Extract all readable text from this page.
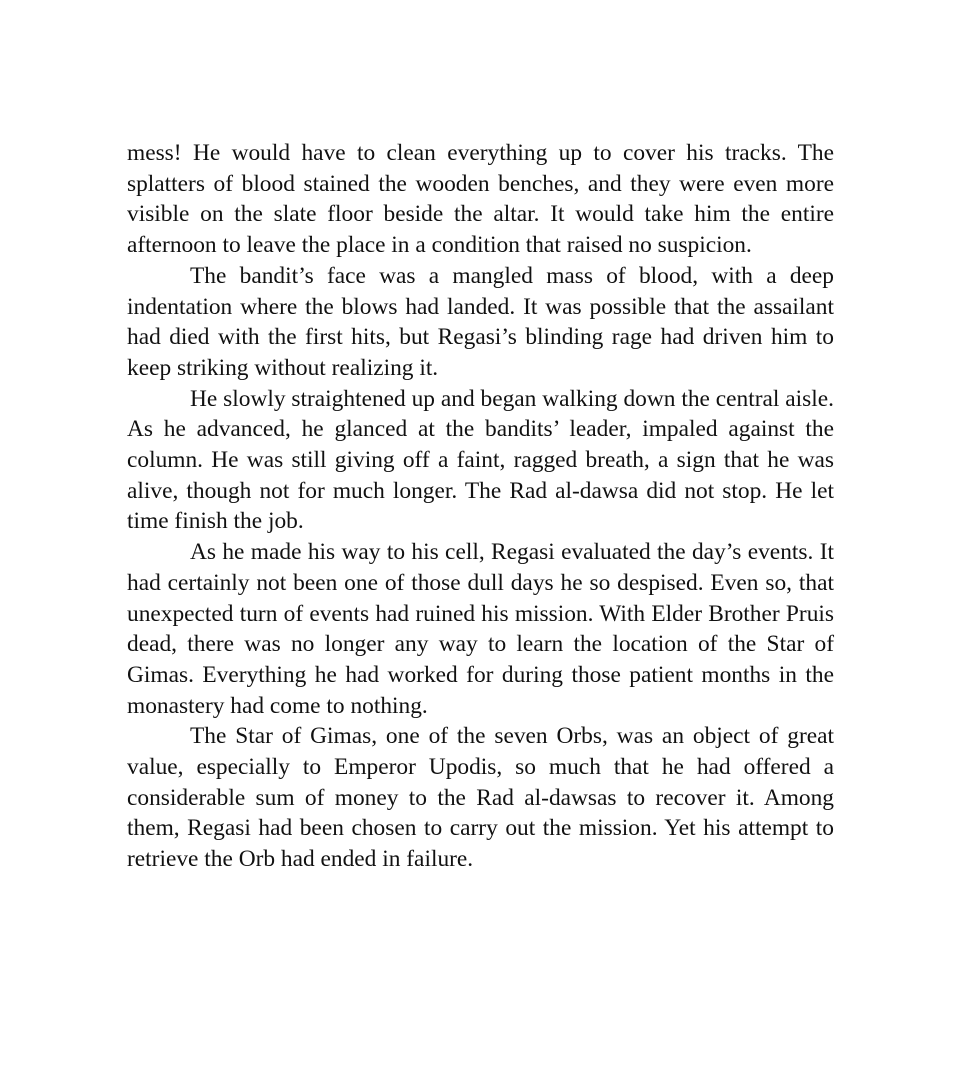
mess! He would have to clean everything up to cover his tracks. The splatters of blood stained the wooden benches, and they were even more visible on the slate floor beside the altar. It would take him the entire afternoon to leave the place in a condition that raised no suspicion.

The bandit’s face was a mangled mass of blood, with a deep indentation where the blows had landed. It was possible that the assailant had died with the first hits, but Regasi’s blinding rage had driven him to keep striking without realizing it.

He slowly straightened up and began walking down the central aisle. As he advanced, he glanced at the bandits’ leader, impaled against the column. He was still giving off a faint, ragged breath, a sign that he was alive, though not for much longer. The Rad al-dawsa did not stop. He let time finish the job.

As he made his way to his cell, Regasi evaluated the day’s events. It had certainly not been one of those dull days he so despised. Even so, that unexpected turn of events had ruined his mission. With Elder Brother Pruis dead, there was no longer any way to learn the location of the Star of Gimas. Everything he had worked for during those patient months in the monastery had come to nothing.

The Star of Gimas, one of the seven Orbs, was an object of great value, especially to Emperor Upodis, so much that he had offered a considerable sum of money to the Rad al-dawsas to recover it. Among them, Regasi had been chosen to carry out the mission. Yet his attempt to retrieve the Orb had ended in failure.
